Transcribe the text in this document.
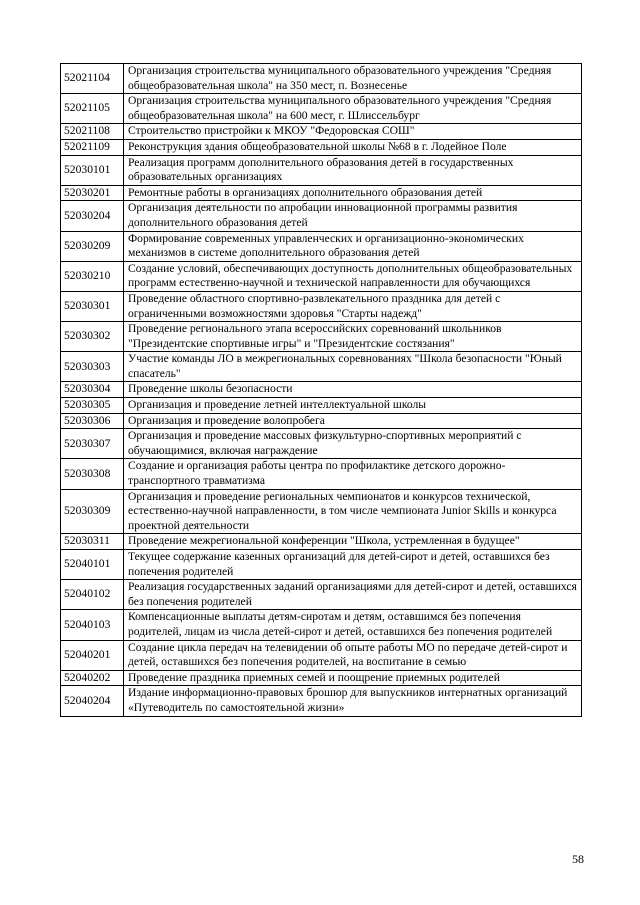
52021104	Организация строительства муниципального образовательного учреждения "Средняя общеобразовательная школа" на 350 мест, п. Вознесенье
52021105	Организация строительства муниципального образовательного учреждения "Средняя общеобразовательная школа" на 600 мест, г. Шлиссельбург
52021108	Строительство пристройки к МКОУ "Федоровская СОШ"
52021109	Реконструкция здания общеобразовательной школы №68 в г. Лодейное Поле
52030101	Реализация программ дополнительного образования детей в государственных образовательных организациях
52030201	Ремонтные работы в организациях дополнительного образования детей
52030204	Организация деятельности по апробации инновационной программы развития дополнительного образования детей
52030209	Формирование современных управленческих и организационно-экономических механизмов в системе дополнительного образования детей
52030210	Создание условий, обеспечивающих доступность дополнительных общеобразовательных программ естественно-научной и технической направленности для обучающихся
52030301	Проведение областного спортивно-развлекательного праздника для детей с ограниченными возможностями здоровья "Старты надежд"
52030302	Проведение регионального этапа всероссийских соревнований школьников "Президентские спортивные игры" и "Президентские состязания"
52030303	Участие команды ЛО в межрегиональных соревнованиях "Школа безопасности "Юный спасатель"
52030304	Проведение школы безопасности
52030305	Организация и проведение летней интеллектуальной школы
52030306	Организация и проведение волопробега
52030307	Организация и проведение массовых физкультурно-спортивных мероприятий с обучающимися, включая награждение
52030308	Создание и организация работы центра по профилактике детского дорожно-транспортного травматизма
52030309	Организация и проведение региональных чемпионатов и конкурсов технической, естественно-научной направленности, в том числе чемпионата Junior Skills и конкурса проектной деятельности
52030311	Проведение межрегиональной конференции "Школа, устремленная в будущее"
52040101	Текущее содержание казенных организаций для детей-сирот и детей, оставшихся без попечения родителей
52040102	Реализация государственных заданий организациями для детей-сирот и детей, оставшихся без попечения родителей
52040103	Компенсационные выплаты детям-сиротам и детям, оставшимся без попечения родителей, лицам из числа детей-сирот и детей, оставшихся без попечения родителей
52040201	Создание цикла передач на телевидении об опыте работы МО по передаче детей-сирот и детей, оставшихся без попечения родителей, на воспитание в семью
52040202	Проведение праздника приемных семей и поощрение приемных родителей
52040204	Издание информационно-правовых брошюр для выпускников интернатных организаций «Путеводитель по самостоятельной жизни»
58
